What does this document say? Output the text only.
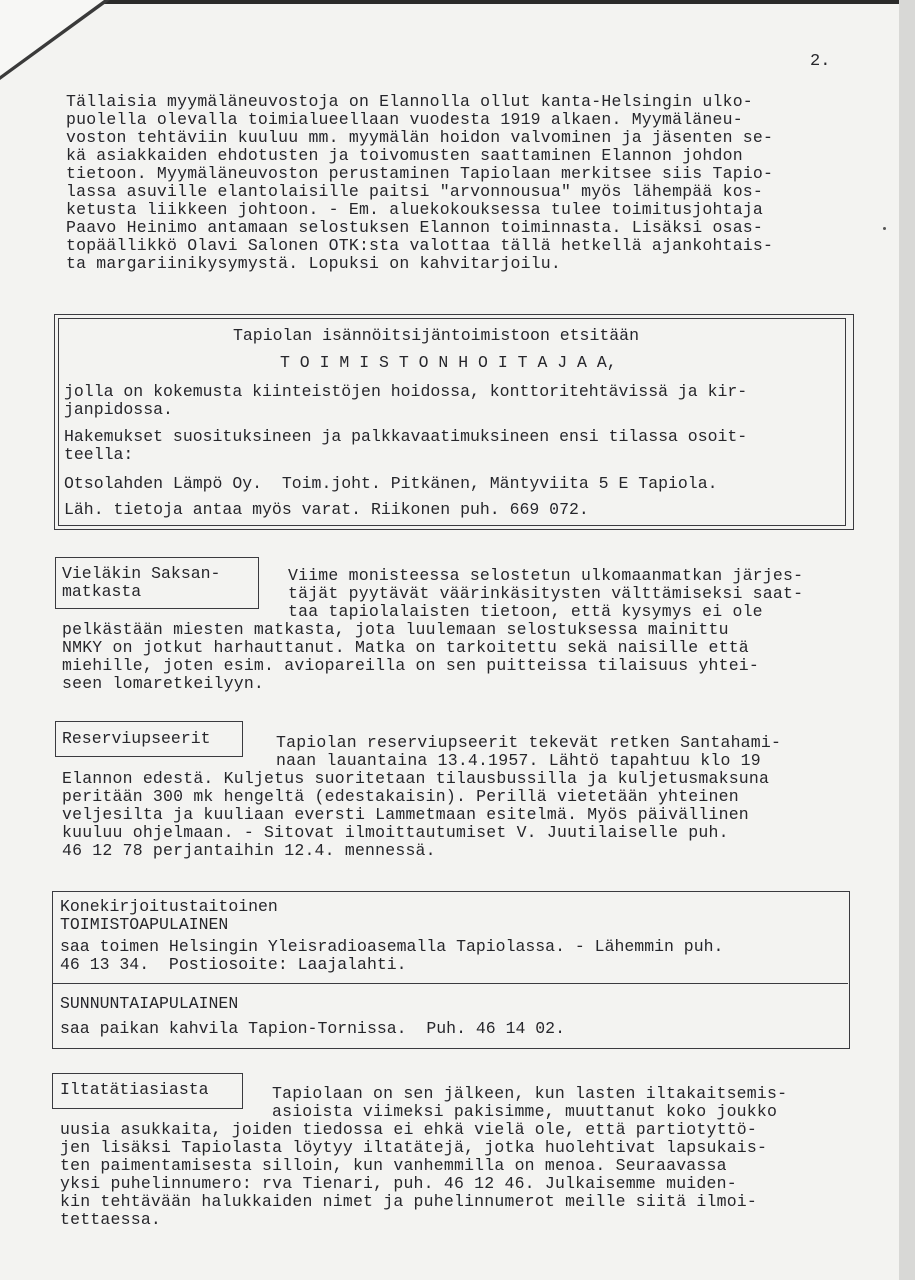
2.
Tällaisia myymäläneuvostoja on Elannolla ollut kanta-Helsingin ulko-
puolella olevalla toimialueellaan vuodesta 1919 alkaen. Myymäläneu-
voston tehtäviin kuuluu mm. myymälän hoidon valvominen ja jäsenten se-
kä asiakkaiden ehdotusten ja toivomusten saattaminen Elannon johdon
tietoon. Myymäläneuvoston perustaminen Tapiolaan merkitsee siis Tapio-
lassa asuville elantolaisille paitsi "arvonnousua" myös lähempää kos-
ketusta liikkeen johtoon. - Em. aluekokouksessa tulee toimitusjohtaja
Paavo Heinimo antamaan selostuksen Elannon toiminnasta. Lisäksi osas-
topäällikkö Olavi Salonen OTK:sta valottaa tällä hetkellä ajankohtais-
ta margariinikysymystä. Lopuksi on kahvitarjoilu.
Tapiolan isännöitsijäntoimistoon etsitään
T O I M I S T O N H O I T A J A A,
jolla on kokemusta kiinteistöjen hoidossa, konttoritehtävissä ja kir-
janpidossa.
Hakemukset suosituksineen ja palkkavaatimuksineen ensi tilassa osoit-
teella:
Otsolahden Lämpö Oy.  Toim.joht. Pitkänen, Mäntyviita 5 E Tapiola.
Läh. tietoja antaa myös varat. Riikonen puh. 669 072.
Vieläkin Saksan-
matkasta
Viime monisteessa selostetun ulkomaanmatkan järjes-
täjät pyytävät väärinkäsitysten välttämiseksi saat-
taa tapiolalaisten tietoon, että kysymys ei ole
pelkästään miesten matkasta, jota luulemaan selostuksessa mainittu
NMKY on jotkut harhauttanut. Matka on tarkoitettu sekä naisille että
miehille, joten esim. aviopareilla on sen puitteissa tilaisuus yhtei-
seen lomaretkeilyyn.
Reserviupseerit	Tapiolan reserviupseerit tekevät retken Santahami-
naan lauantaina 13.4.1957. Lähtö tapahtuu klo 19
Elannon edestä. Kuljetus suoritetaan tilausbussilla ja kuljetusmaksuna
peritään 300 mk hengeltä (edestakaisin). Perillä vietetään yhteinen
veljesilta ja kuuliaan eversti Lammetmaan esitelmä. Myös päivällinen
kuuluu ohjelmaan. - Sitovat ilmoittautumiset V. Juutilaiselle puh.
46 12 78 perjantaihin 12.4. mennessä.
Konekirjoitustaitoinen
TOIMISTOAPULAINEN
saa toimen Helsingin Yleisradioasemalla Tapiolassa. - Lähemmin puh.
46 13 34.  Postiosoite: Laajalahti.
SUNNUNTAIAPULAINEN
saa paikan kahvila Tapion-Tornissa.  Puh. 46 14 02.
Iltatätiasiasta	Tapiolaan on sen jälkeen, kun lasten iltakaitsemis-
asioista viimeksi pakisimme, muuttanut koko joukko
uusia asukkaita, joiden tiedossa ei ehkä vielä ole, että partiotyttö-
jen lisäksi Tapiolasta löytyy iltatätejä, jotka huolehtivat lapsukais-
ten paimentamisesta silloin, kun vanhemmilla on menoa. Seuraavassa
yksi puhelinnumero: rva Tienari, puh. 46 12 46. Julkaisemme muiden-
kin tehtävään halukkaiden nimet ja puhelinnumerot meille siitä ilmoi-
tettaessa.
